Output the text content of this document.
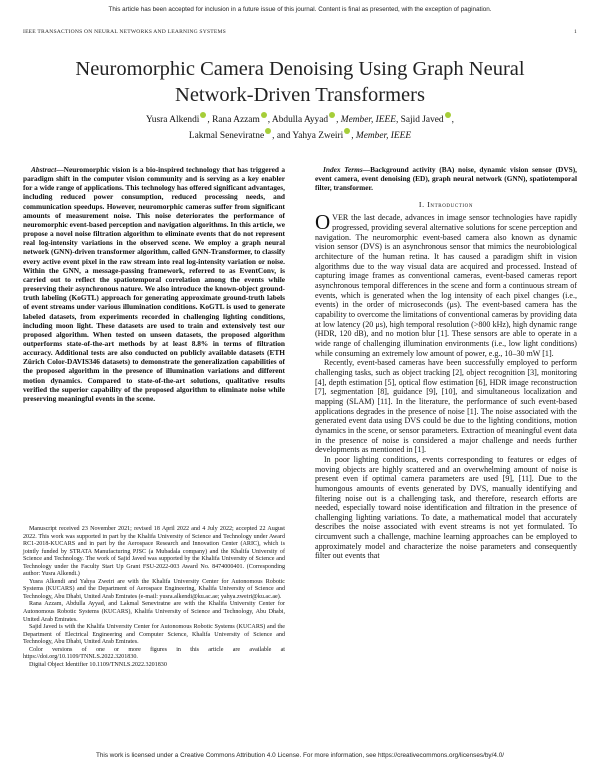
This article has been accepted for inclusion in a future issue of this journal. Content is final as presented, with the exception of pagination.
IEEE TRANSACTIONS ON NEURAL NETWORKS AND LEARNING SYSTEMS	1
Neuromorphic Camera Denoising Using Graph Neural Network-Driven Transformers
Yusra Alkendi , Rana Azzam , Abdulla Ayyad , Member, IEEE, Sajid Javed ,
Lakmal Seneviratne , and Yahya Zweiri , Member, IEEE

Abstract—Neuromorphic vision is a bio-inspired technology that has triggered a paradigm shift in the computer vision community and is serving as a key enabler for a wide range of applications. This technology has offered significant advantages, including reduced power consumption, reduced processing needs, and communication speedups. However, neuromorphic cameras suffer from significant amounts of measurement noise. This noise deteriorates the performance of neuromorphic event-based perception and navigation algorithms. In this article, we propose a novel noise filtration algorithm to eliminate events that do not represent real log-intensity variations in the observed scene. We employ a graph neural network (GNN)-driven transformer algorithm, called GNN-Transformer, to classify every active event pixel in the raw stream into real log-intensity variation or noise. Within the GNN, a message-passing framework, referred to as EventConv, is carried out to reflect the spatiotemporal correlation among the events while preserving their asynchronous nature. We also introduce the known-object ground-truth labeling (KoGTL) approach for generating approximate ground-truth labels of event streams under various illumination conditions. KoGTL is used to generate labeled datasets, from experiments recorded in challenging lighting conditions, including moon light. These datasets are used to train and extensively test our proposed algorithm. When tested on unseen datasets, the proposed algorithm outperforms state-of-the-art methods by at least 8.8% in terms of filtration accuracy. Additional tests are also conducted on publicly available datasets (ETH Zürich Color-DAVIS346 datasets) to demonstrate the generalization capabilities of the proposed algorithm in the presence of illumination variations and different motion dynamics. Compared to state-of-the-art solutions, qualitative results verified the superior capability of the proposed algorithm to eliminate noise while preserving meaningful events in the scene.

Manuscript received 23 November 2021; revised 18 April 2022 and 4 July 2022; accepted 22 August 2022. This work was supported in part by the Khalifa University of Science and Technology under Award RC1-2018-KUCARS and in part by the Aerospace Research and Innovation Center (ARIC), which is jointly funded by STRATA Manufacturing PJSC (a Mubadala company) and the Khalifa University of Science and Technology. The work of Sajid Javed was supported by the Khalifa University of Science and Technology under the Faculty Start Up Grant FSU-2022-003 Award No. 8474000401. (Corresponding author: Yusra Alkendi.)

Yusra Alkendi and Yahya Zweiri are with the Khalifa University Center for Autonomous Robotic Systems (KUCARS) and the Department of Aerospace Engineering, Khalifa University of Science and Technology, Abu Dhabi, United Arab Emirates (e-mail: yusra.alkendi@ku.ac.ae; yahya.zweiri@ku.ac.ae).

Rana Azzam, Abdulla Ayyad, and Lakmal Seneviratne are with the Khalifa University Center for Autonomous Robotic Systems (KUCARS), Khalifa University of Science and Technology, Abu Dhabi, United Arab Emirates.

Sajid Javed is with the Khalifa University Center for Autonomous Robotic Systems (KUCARS) and the Department of Electrical Engineering and Computer Science, Khalifa University of Science and Technology, Abu Dhabi, United Arab Emirates.

Color versions of one or more figures in this article are available at https://doi.org/10.1109/TNNLS.2022.3201830.

Digital Object Identifier 10.1109/TNNLS.2022.3201830

Index Terms—Background activity (BA) noise, dynamic vision sensor (DVS), event camera, event denoising (ED), graph neural network (GNN), spatiotemporal filter, transformer.

I. Introduction

OVER the last decade, advances in image sensor technologies have rapidly progressed, providing several alternative solutions for scene perception and navigation. The neuromorphic event-based camera also known as dynamic vision sensor (DVS) is an asynchronous sensor that mimics the neurobiological architecture of the human retina. It has caused a paradigm shift in vision algorithms due to the way visual data are acquired and processed. Instead of capturing image frames as conventional cameras, event-based cameras report asynchronous temporal differences in the scene and form a continuous stream of events, which is generated when the log intensity of each pixel changes (i.e., events) in the order of microseconds (μs). The event-based camera has the capability to overcome the limitations of conventional cameras by providing data at low latency (20 μs), high temporal resolution (>800 kHz), high dynamic range (HDR, 120 dB), and no motion blur [1]. These sensors are able to operate in a wide range of challenging illumination environments (i.e., low light conditions) while consuming an extremely low amount of power, e.g., 10–30 mW [1].

Recently, event-based cameras have been successfully employed to perform challenging tasks, such as object tracking [2], object recognition [3], monitoring [4], depth estimation [5], optical flow estimation [6], HDR image reconstruction [7], segmentation [8], guidance [9], [10], and simultaneous localization and mapping (SLAM) [11]. In the literature, the performance of such event-based applications degrades in the presence of noise [1]. The noise associated with the generated event data using DVS could be due to the lighting conditions, motion dynamics in the scene, or sensor parameters. Extraction of meaningful event data in the presence of noise is considered a major challenge and needs further developments as mentioned in [1].

In poor lighting conditions, events corresponding to features or edges of moving objects are highly scattered and an overwhelming amount of noise is present even if optimal camera parameters are used [9], [11]. Due to the humongous amounts of events generated by DVS, manually identifying and filtering noise out is a challenging task, and therefore, research efforts are needed, especially toward noise identification and filtration in the presence of challenging lighting variations. To date, a mathematical model that accurately describes the noise associated with event streams is not yet formulated. To circumvent such a challenge, machine learning approaches can be employed to approximately model and characterize the noise parameters and consequently filter out events that

This work is licensed under a Creative Commons Attribution 4.0 License. For more information, see https://creativecommons.org/licenses/by/4.0/
